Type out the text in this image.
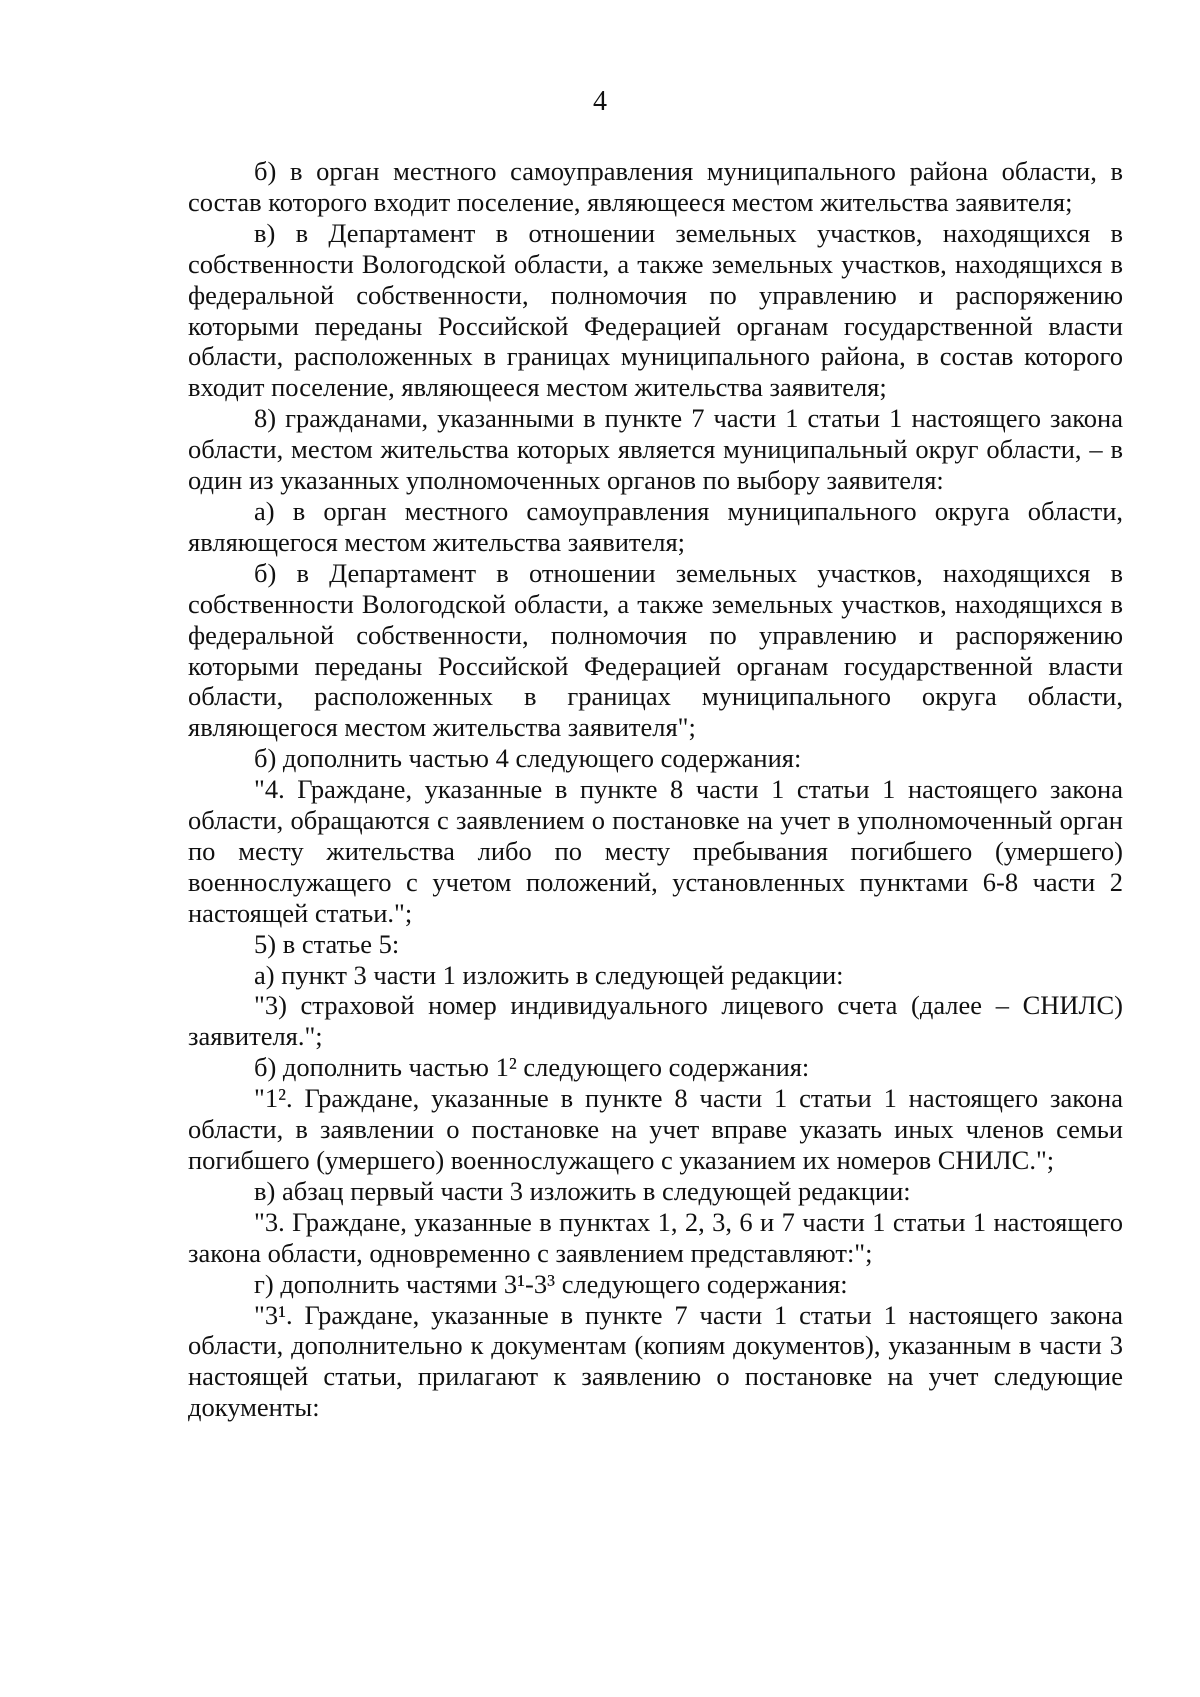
4

б) в орган местного самоуправления муниципального района области, в состав которого входит поселение, являющееся местом жительства заявителя;

в) в Департамент в отношении земельных участков, находящихся в собственности Вологодской области, а также земельных участков, находящихся в федеральной собственности, полномочия по управлению и распоряжению которыми переданы Российской Федерацией органам государственной власти области, расположенных в границах муниципального района, в состав которого входит поселение, являющееся местом жительства заявителя;

8) гражданами, указанными в пункте 7 части 1 статьи 1 настоящего закона области, местом жительства которых является муниципальный округ области, – в один из указанных уполномоченных органов по выбору заявителя:

а) в орган местного самоуправления муниципального округа области, являющегося местом жительства заявителя;

б) в Департамент в отношении земельных участков, находящихся в собственности Вологодской области, а также земельных участков, находящихся в федеральной собственности, полномочия по управлению и распоряжению которыми переданы Российской Федерацией органам государственной власти области, расположенных в границах муниципального округа области, являющегося местом жительства заявителя";

б) дополнить частью 4 следующего содержания:

"4. Граждане, указанные в пункте 8 части 1 статьи 1 настоящего закона области, обращаются с заявлением о постановке на учет в уполномоченный орган по месту жительства либо по месту пребывания погибшего (умершего) военнослужащего с учетом положений, установленных пунктами 6-8 части 2 настоящей статьи.";

5) в статье 5:

а) пункт 3 части 1 изложить в следующей редакции:

"3) страховой номер индивидуального лицевого счета (далее – СНИЛС) заявителя.";

б) дополнить частью 1² следующего содержания:

"1². Граждане, указанные в пункте 8 части 1 статьи 1 настоящего закона области, в заявлении о постановке на учет вправе указать иных членов семьи погибшего (умершего) военнослужащего с указанием их номеров СНИЛС.";

в) абзац первый части 3 изложить в следующей редакции:

"3. Граждане, указанные в пунктах 1, 2, 3, 6 и 7 части 1 статьи 1 настоящего закона области, одновременно с заявлением представляют:";

г) дополнить частями 3¹-3³ следующего содержания:

"3¹. Граждане, указанные в пункте 7 части 1 статьи 1 настоящего закона области, дополнительно к документам (копиям документов), указанным в части 3 настоящей статьи, прилагают к заявлению о постановке на учет следующие документы:
